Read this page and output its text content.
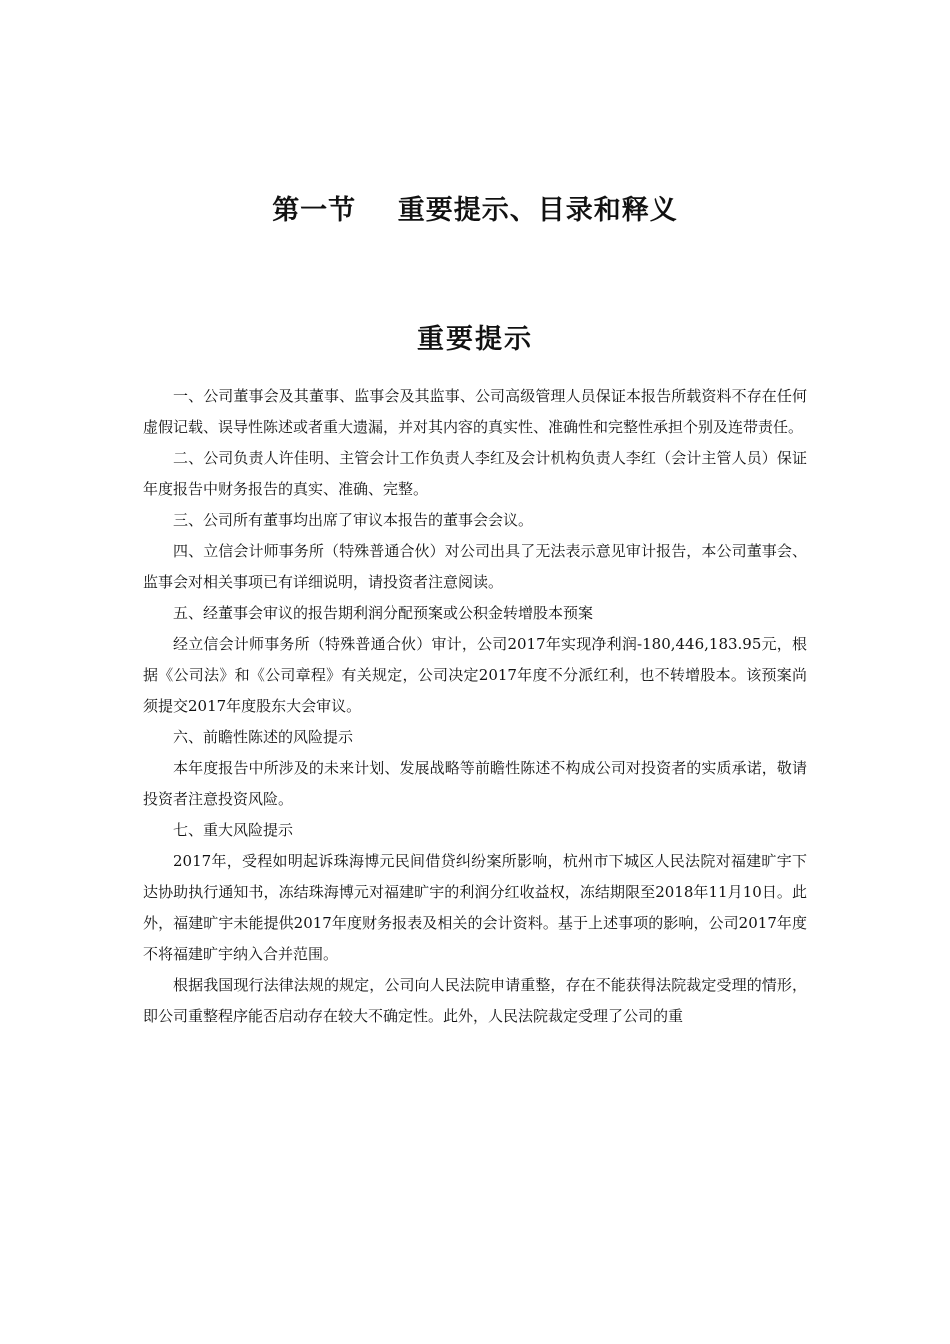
第一节    重要提示、目录和释义
重要提示

一、公司董事会及其董事、监事会及其监事、公司高级管理人员保证本报告所载资料不存在任何虚假记载、误导性陈述或者重大遗漏，并对其内容的真实性、准确性和完整性承担个别及连带责任。

二、公司负责人许佳明、主管会计工作负责人李红及会计机构负责人李红（会计主管人员）保证年度报告中财务报告的真实、准确、完整。

三、公司所有董事均出席了审议本报告的董事会会议。

四、立信会计师事务所（特殊普通合伙）对公司出具了无法表示意见审计报告，本公司董事会、监事会对相关事项已有详细说明，请投资者注意阅读。

五、经董事会审议的报告期利润分配预案或公积金转增股本预案

经立信会计师事务所（特殊普通合伙）审计，公司2017年实现净利润-180,446,183.95元，根据《公司法》和《公司章程》有关规定，公司决定2017年度不分派红利，也不转增股本。该预案尚须提交2017年度股东大会审议。

六、前瞻性陈述的风险提示

本年度报告中所涉及的未来计划、发展战略等前瞻性陈述不构成公司对投资者的实质承诺，敬请投资者注意投资风险。

七、重大风险提示

2017年，受程如明起诉珠海博元民间借贷纠纷案所影响，杭州市下城区人民法院对福建旷宇下达协助执行通知书，冻结珠海博元对福建旷宇的利润分红收益权，冻结期限至2018年11月10日。此外，福建旷宇未能提供2017年度财务报表及相关的会计资料。基于上述事项的影响，公司2017年度不将福建旷宇纳入合并范围。

根据我国现行法律法规的规定，公司向人民法院申请重整，存在不能获得法院裁定受理的情形，即公司重整程序能否启动存在较大不确定性。此外，人民法院裁定受理了公司的重
